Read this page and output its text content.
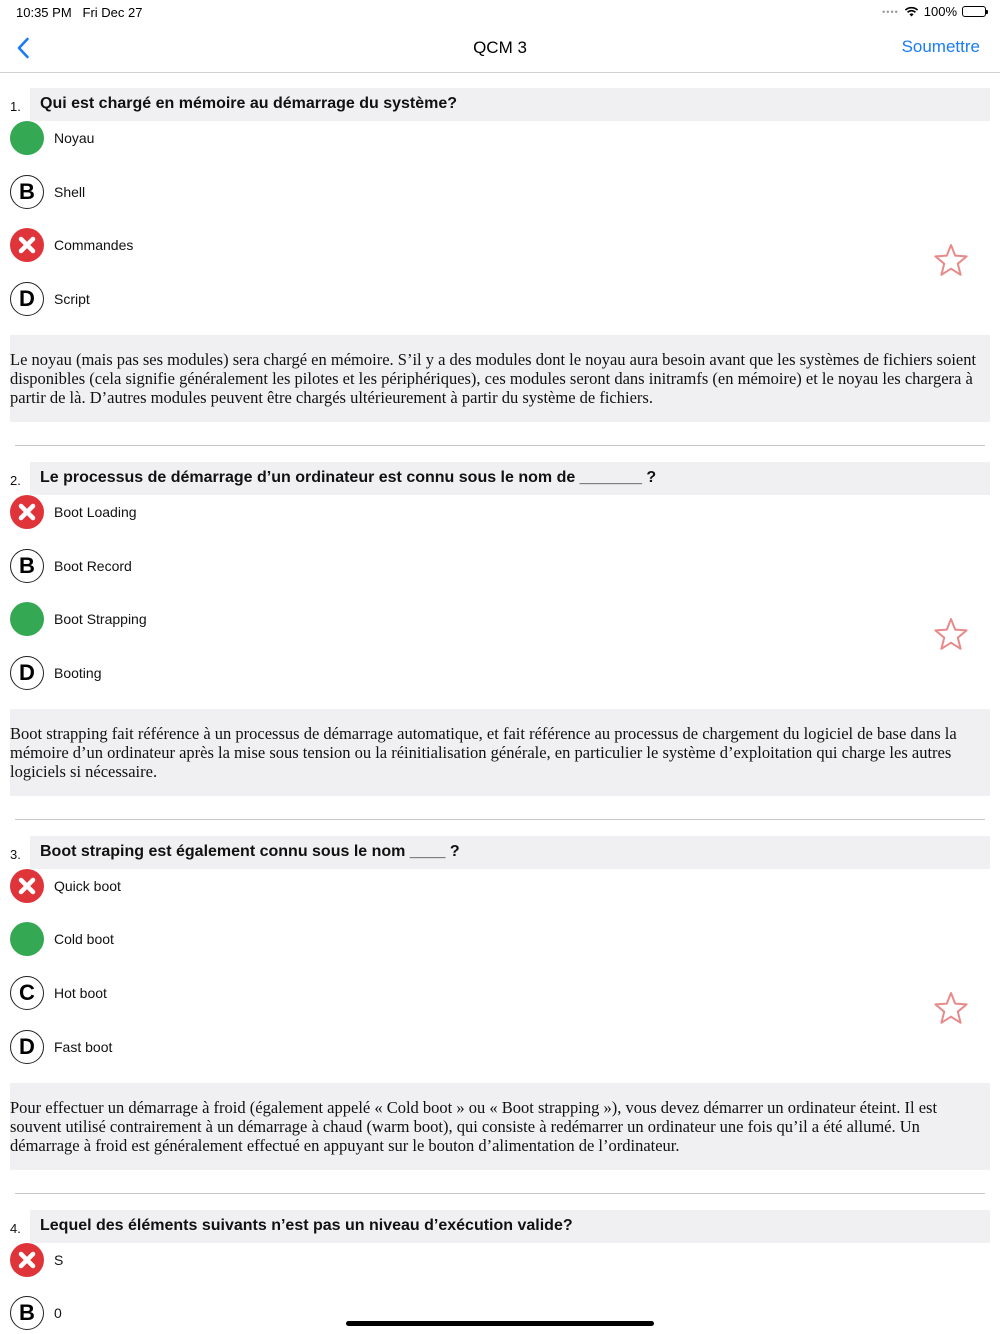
10:35 PM Fri Dec 27	•••• 100%
QCM 3	Soumettre
1. Qui est chargé en mémoire au démarrage du système?
Noyau
B	Shell
Commandes
D	Script
Le noyau (mais pas ses modules) sera chargé en mémoire. S’il y a des modules dont le noyau aura besoin avant que les systèmes de fichiers soient disponibles (cela signifie généralement les pilotes et les périphériques), ces modules seront dans initramfs (en mémoire) et le noyau les chargera à partir de là. D’autres modules peuvent être chargés ultérieurement à partir du système de fichiers.
2. Le processus de démarrage d’un ordinateur est connu sous le nom de _______ ?
Boot Loading
B	Boot Record
Boot Strapping
D	Booting
Boot strapping fait référence à un processus de démarrage automatique, et fait référence au processus de chargement du logiciel de base dans la mémoire d’un ordinateur après la mise sous tension ou la réinitialisation générale, en particulier le système d’exploitation qui charge les autres logiciels si nécessaire.
3. Boot straping est également connu sous le nom ____ ?
Quick boot
Cold boot
C	Hot boot
D	Fast boot
Pour effectuer un démarrage à froid (également appelé « Cold boot » ou « Boot strapping »), vous devez démarrer un ordinateur éteint. Il est souvent utilisé contrairement à un démarrage à chaud (warm boot), qui consiste à redémarrer un ordinateur une fois qu’il a été allumé. Un démarrage à froid est généralement effectué en appuyant sur le bouton d’alimentation de l’ordinateur.
4. Lequel des éléments suivants n’est pas un niveau d’exécution valide?
S
B	0
